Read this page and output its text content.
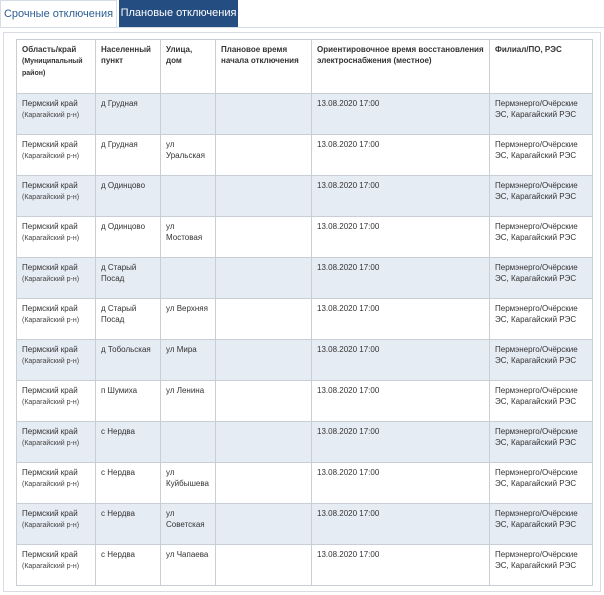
Срочные отключения Плановые отключения
Область/край
(Муниципальный район)	Населенный пункт	Улица, дом	Плановое время начала отключения	Ориентировочное время восстановления электроснабжения (местное)	Филиал/ПО, РЭС
Пермский край
(Карагайский р-н)	д Грудная			13.08.2020 17:00	Пермэнерго/Очёрские ЭС, Карагайский РЭС
Пермский край
(Карагайский р-н)	д Грудная	ул Уральская		13.08.2020 17:00	Пермэнерго/Очёрские ЭС, Карагайский РЭС
Пермский край
(Карагайский р-н)	д Одинцово			13.08.2020 17:00	Пермэнерго/Очёрские ЭС, Карагайский РЭС
Пермский край
(Карагайский р-н)	д Одинцово	ул Мостовая		13.08.2020 17:00	Пермэнерго/Очёрские ЭС, Карагайский РЭС
Пермский край
(Карагайский р-н)	д Старый Посад			13.08.2020 17:00	Пермэнерго/Очёрские ЭС, Карагайский РЭС
Пермский край
(Карагайский р-н)	д Старый Посад	ул Верхняя		13.08.2020 17:00	Пермэнерго/Очёрские ЭС, Карагайский РЭС
Пермский край
(Карагайский р-н)	д Тобольская	ул Мира		13.08.2020 17:00	Пермэнерго/Очёрские ЭС, Карагайский РЭС
Пермский край
(Карагайский р-н)	п Шумиха	ул Ленина		13.08.2020 17:00	Пермэнерго/Очёрские ЭС, Карагайский РЭС
Пермский край
(Карагайский р-н)	с Нердва			13.08.2020 17:00	Пермэнерго/Очёрские ЭС, Карагайский РЭС
Пермский край
(Карагайский р-н)	с Нердва	ул Куйбышева		13.08.2020 17:00	Пермэнерго/Очёрские ЭС, Карагайский РЭС
Пермский край
(Карагайский р-н)	с Нердва	ул Советская		13.08.2020 17:00	Пермэнерго/Очёрские ЭС, Карагайский РЭС
Пермский край
(Карагайский р-н)	с Нердва	ул Чапаева		13.08.2020 17:00	Пермэнерго/Очёрские ЭС, Карагайский РЭС
